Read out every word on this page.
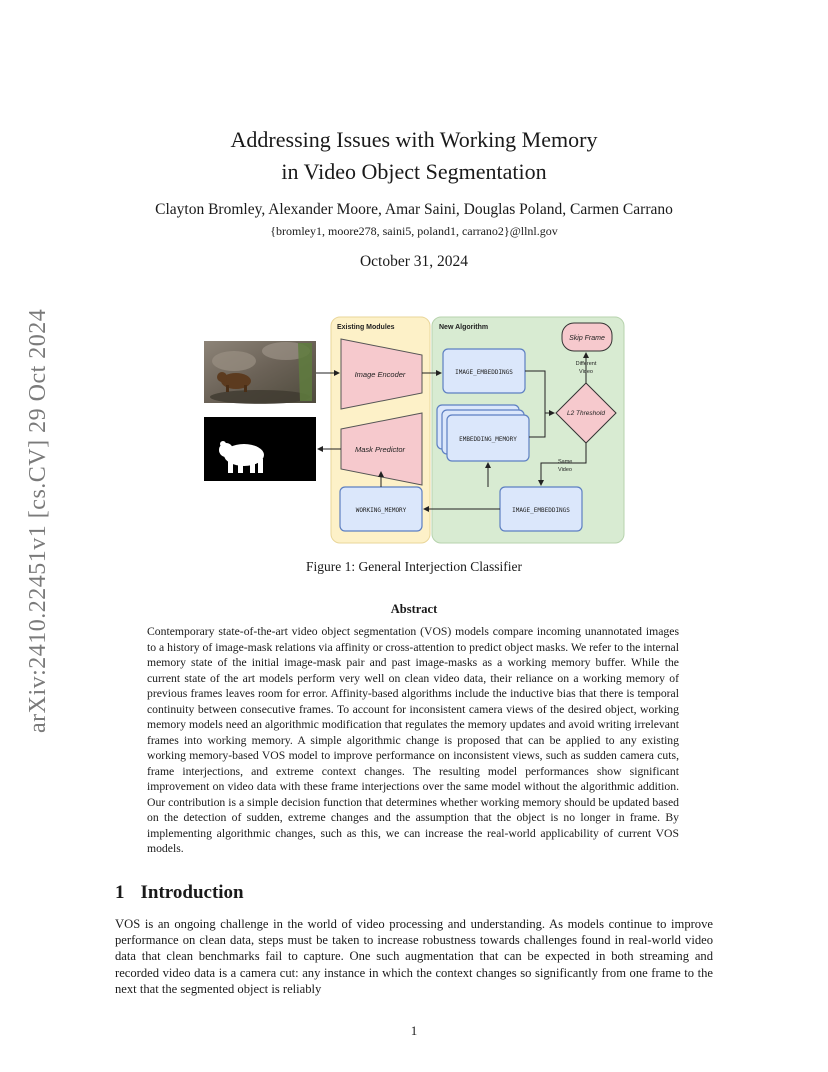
arXiv:2410.22451v1 [cs.CV] 29 Oct 2024
Addressing Issues with Working Memory
in Video Object Segmentation
Clayton Bromley, Alexander Moore, Amar Saini, Douglas Poland, Carmen Carrano
{bromley1, moore278, saini5, poland1, carrano2}@llnl.gov
October 31, 2024
Existing Modules	New Algorithm
Image Encoder
Mask Predictor
WORKING_MEMORY
IMAGE_EMBEDDINGS
EMBEDDING_MEMORY
IMAGE_EMBEDDINGS
Skip Frame
L2 Threshold
Different
Video
Same
Video
Figure 1: General Interjection Classifier
Abstract
Contemporary state-of-the-art video object segmentation (VOS) models compare incoming unannotated images to a history of image-mask relations via affinity or cross-attention to predict object masks. We refer to the internal memory state of the initial image-mask pair and past image-masks as a working memory buffer. While the current state of the art models perform very well on clean video data, their reliance on a working memory of previous frames leaves room for error. Affinity-based algorithms include the inductive bias that there is temporal continuity between consecutive frames. To account for inconsistent camera views of the desired object, working memory models need an algorithmic modification that regulates the memory updates and avoid writing irrelevant frames into working memory. A simple algorithmic change is proposed that can be applied to any existing working memory-based VOS model to improve performance on inconsistent views, such as sudden camera cuts, frame interjections, and extreme context changes. The resulting model performances show significant improvement on video data with these frame interjections over the same model without the algorithmic addition. Our contribution is a simple decision function that determines whether working memory should be updated based on the detection of sudden, extreme changes and the assumption that the object is no longer in frame. By implementing algorithmic changes, such as this, we can increase the real-world applicability of current VOS models.
1 Introduction
VOS is an ongoing challenge in the world of video processing and understanding. As models continue to improve performance on clean data, steps must be taken to increase robustness towards challenges found in real-world video data that clean benchmarks fail to capture. One such augmentation that can be expected in both streaming and recorded video data is a camera cut: any instance in which the context changes so significantly from one frame to the next that the segmented object is reliably
1
